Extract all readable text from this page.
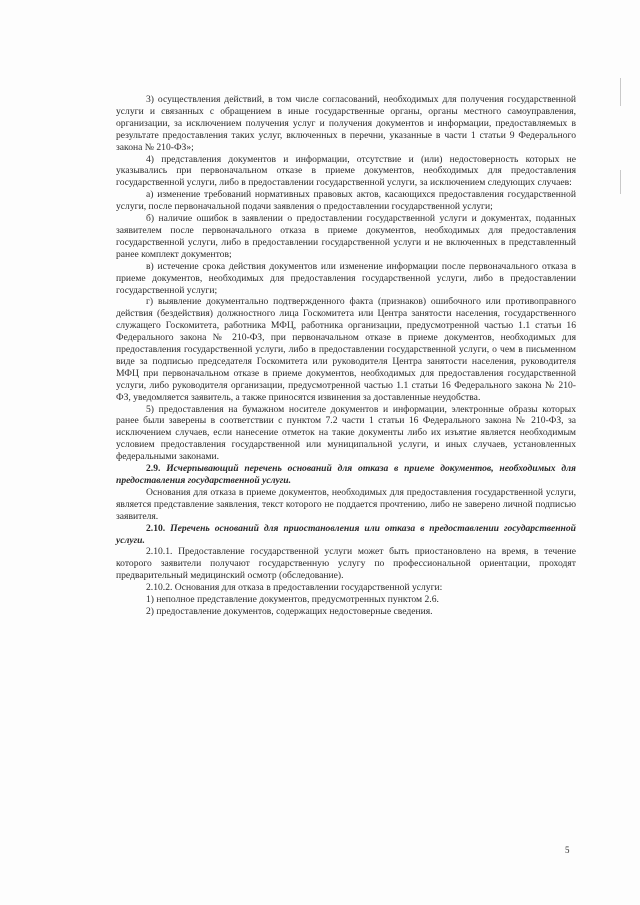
3) осуществления действий, в том числе согласований, необходимых для получения государственной услуги и связанных с обращением в иные государственные органы, органы местного самоуправления, организации, за исключением получения услуг и получения документов и информации, предоставляемых в результате предоставления таких услуг, включенных в перечни, указанные в части 1 статьи 9 Федерального закона № 210-ФЗ»;

4) представления документов и информации, отсутствие и (или) недостоверность которых не указывались при первоначальном отказе в приеме документов, необходимых для предоставления государственной услуги, либо в предоставлении государственной услуги, за исключением следующих случаев:

а) изменение требований нормативных правовых актов, касающихся предоставления государственной услуги, после первоначальной подачи заявления о предоставлении государственной услуги;

б) наличие ошибок в заявлении о предоставлении государственной услуги и документах, поданных заявителем после первоначального отказа в приеме документов, необходимых для предоставления государственной услуги, либо в предоставлении государственной услуги и не включенных в представленный ранее комплект документов;

в) истечение срока действия документов или изменение информации после первоначального отказа в приеме документов, необходимых для предоставления государственной услуги, либо в предоставлении государственной услуги;

г) выявление документально подтвержденного факта (признаков) ошибочного или противоправного действия (бездействия) должностного лица Госкомитета или Центра занятости населения, государственного служащего Госкомитета, работника МФЦ, работника организации, предусмотренной частью 1.1 статьи 16 Федерального закона № 210-ФЗ, при первоначальном отказе в приеме документов, необходимых для предоставления государственной услуги, либо в предоставлении государственной услуги, о чем в письменном виде за подписью председателя Госкомитета или руководителя Центра занятости населения, руководителя МФЦ при первоначальном отказе в приеме документов, необходимых для предоставления государственной услуги, либо руководителя организации, предусмотренной частью 1.1 статьи 16 Федерального закона № 210-ФЗ, уведомляется заявитель, а также приносятся извинения за доставленные неудобства.

5) предоставления на бумажном носителе документов и информации, электронные образы которых ранее были заверены в соответствии с пунктом 7.2 части 1 статьи 16 Федерального закона № 210-ФЗ, за исключением случаев, если нанесение отметок на такие документы либо их изъятие является необходимым условием предоставления государственной или муниципальной услуги, и иных случаев, установленных федеральными законами.

2.9. Исчерпывающий перечень оснований для отказа в приеме документов, необходимых для предоставления государственной услуги.

Основания для отказа в приеме документов, необходимых для предоставления государственной услуги, является представление заявления, текст которого не поддается прочтению, либо не заверено личной подписью заявителя.

2.10. Перечень оснований для приостановления или отказа в предоставлении государственной услуги.

2.10.1. Предоставление государственной услуги может быть приостановлено на время, в течение которого заявители получают государственную услугу по профессиональной ориентации, проходят предварительный медицинский осмотр (обследование).

2.10.2. Основания для отказа в предоставлении государственной услуги:

1) неполное представление документов, предусмотренных пунктом 2.6.

2) предоставление документов, содержащих недостоверные сведения.

5
